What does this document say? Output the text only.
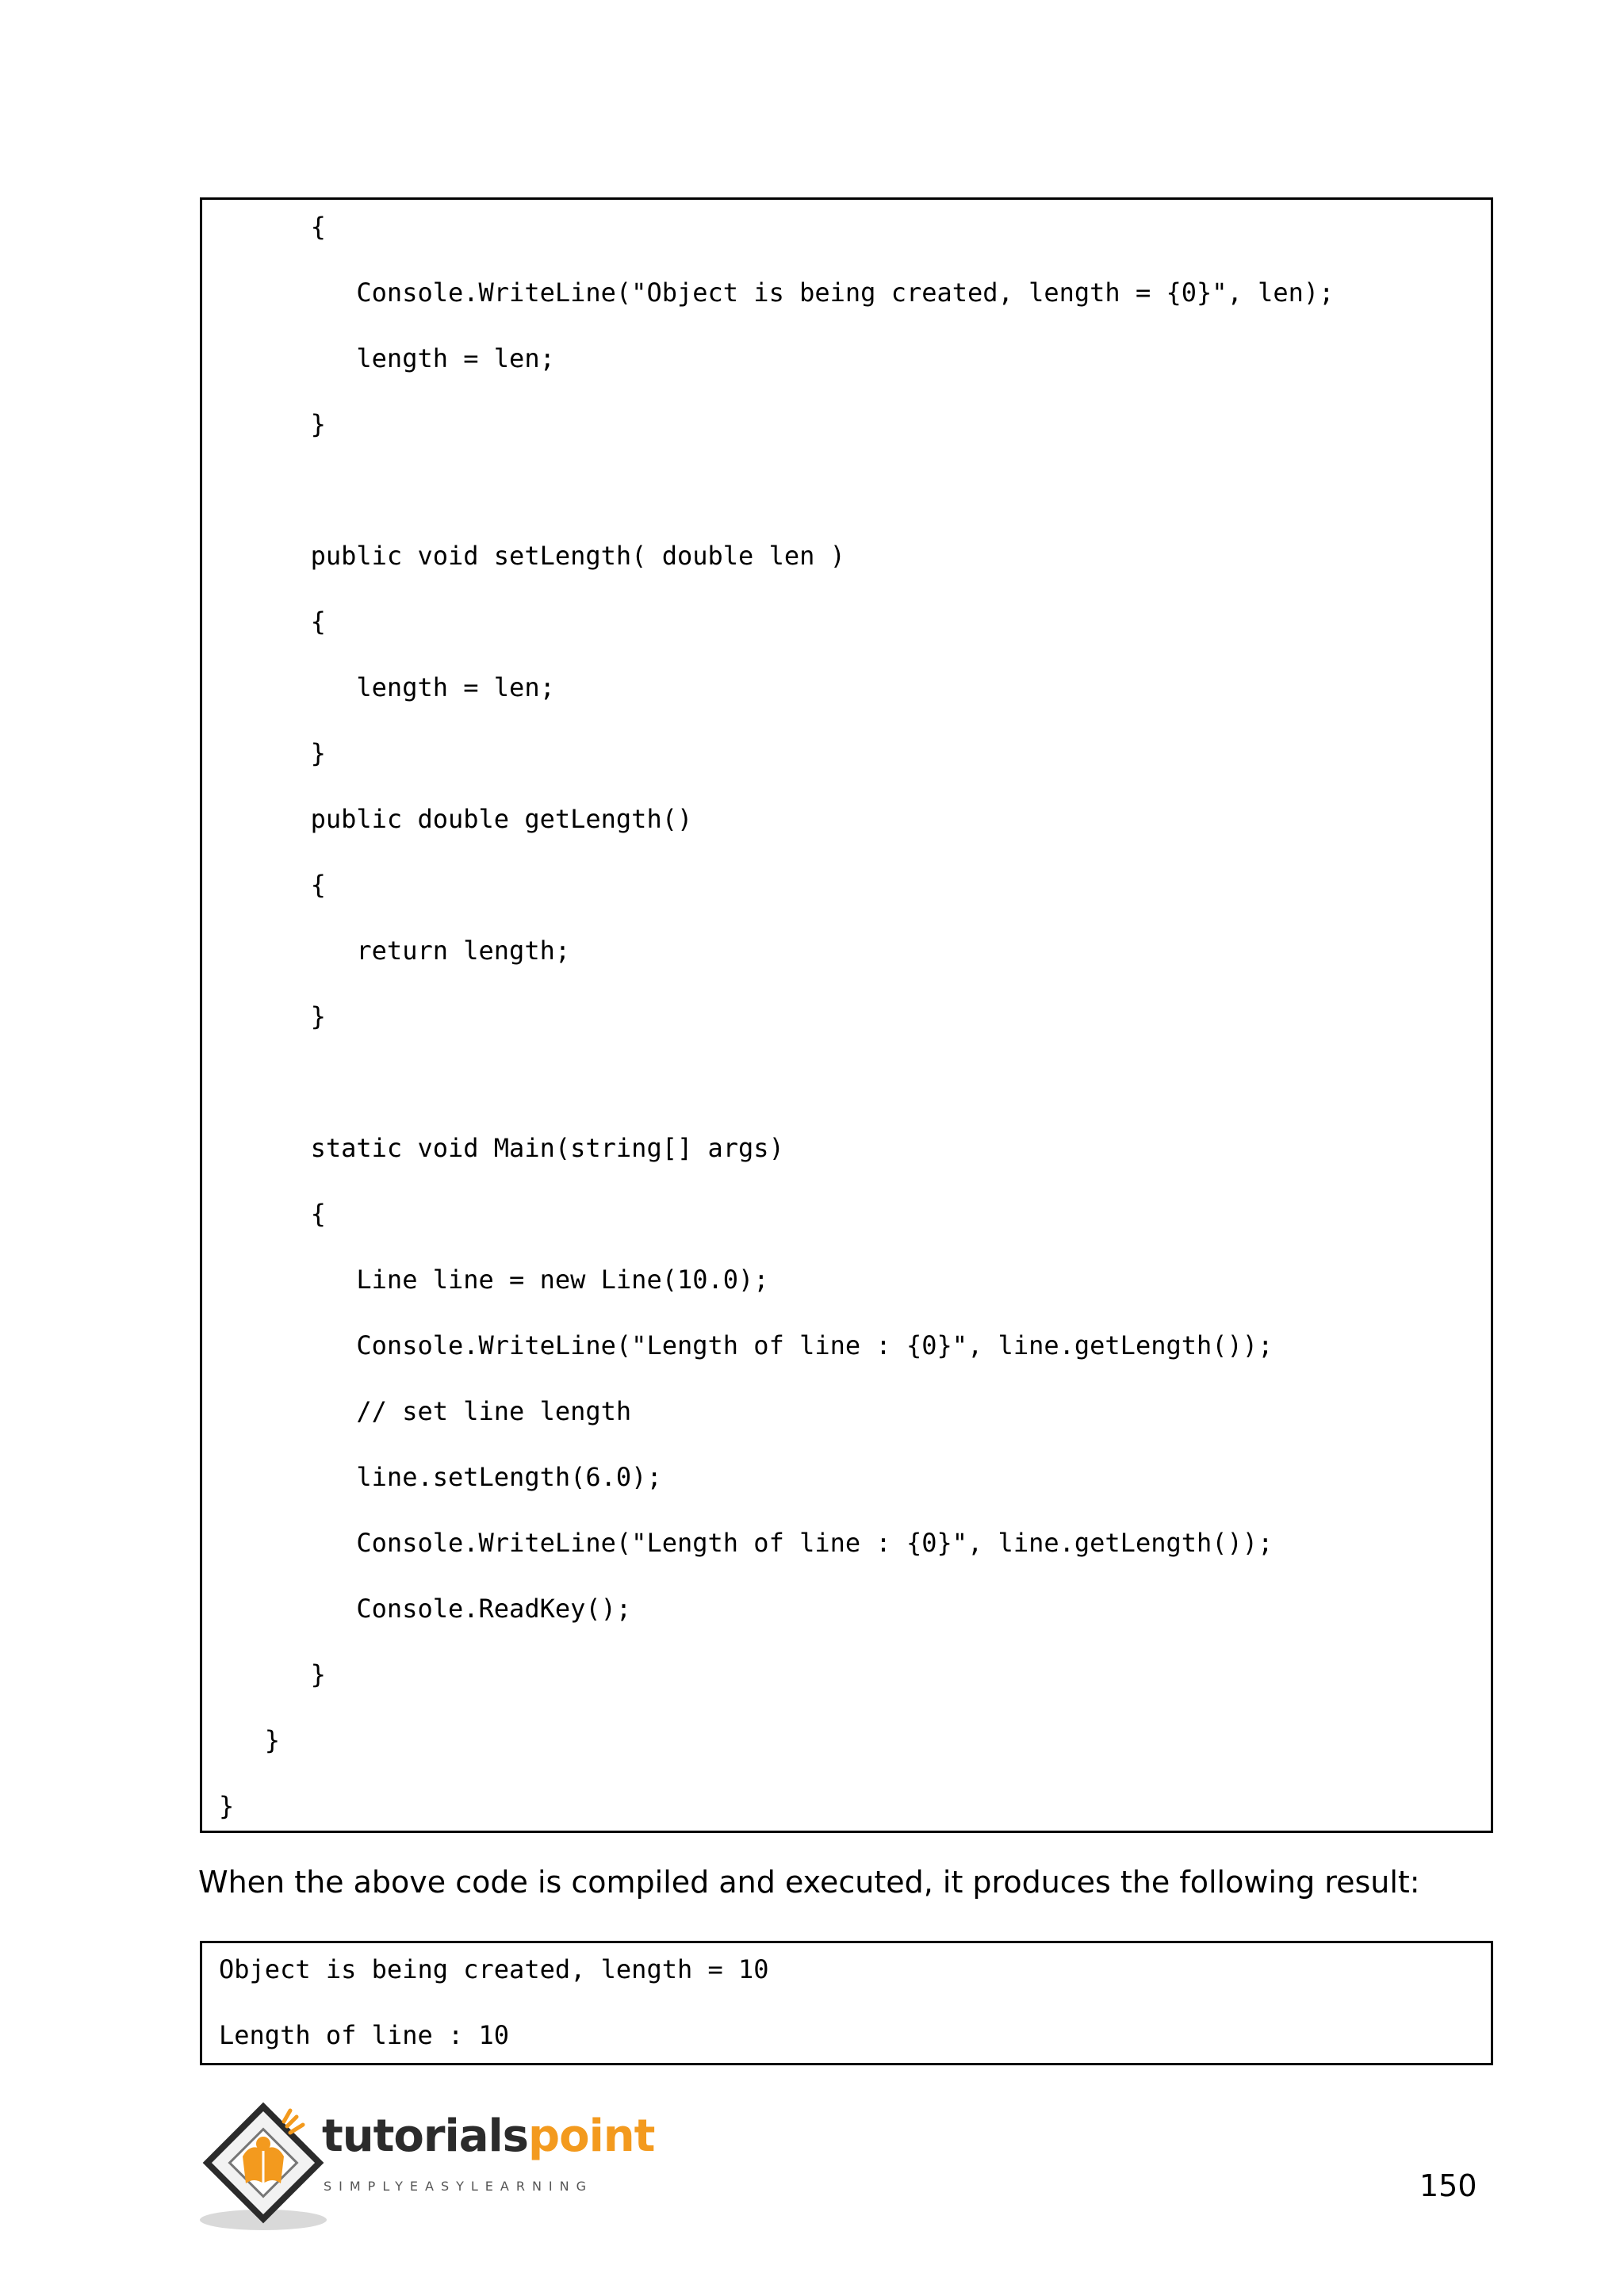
{
Console.WriteLine("Object is being created, length = {0}", len);
length = len;
}
public void setLength( double len )
{
length = len;
}
public double getLength()
{
return length;
}
static void Main(string[] args)
{
Line line = new Line(10.0);
Console.WriteLine("Length of line : {0}", line.getLength());
// set line length
line.setLength(6.0);
Console.WriteLine("Length of line : {0}", line.getLength());
Console.ReadKey();
}
}
}
When the above code is compiled and executed, it produces the following result:
Object is being created, length = 10
Length of line : 10
tutorialspoint
SIMPLYEASYLEARNING	150
